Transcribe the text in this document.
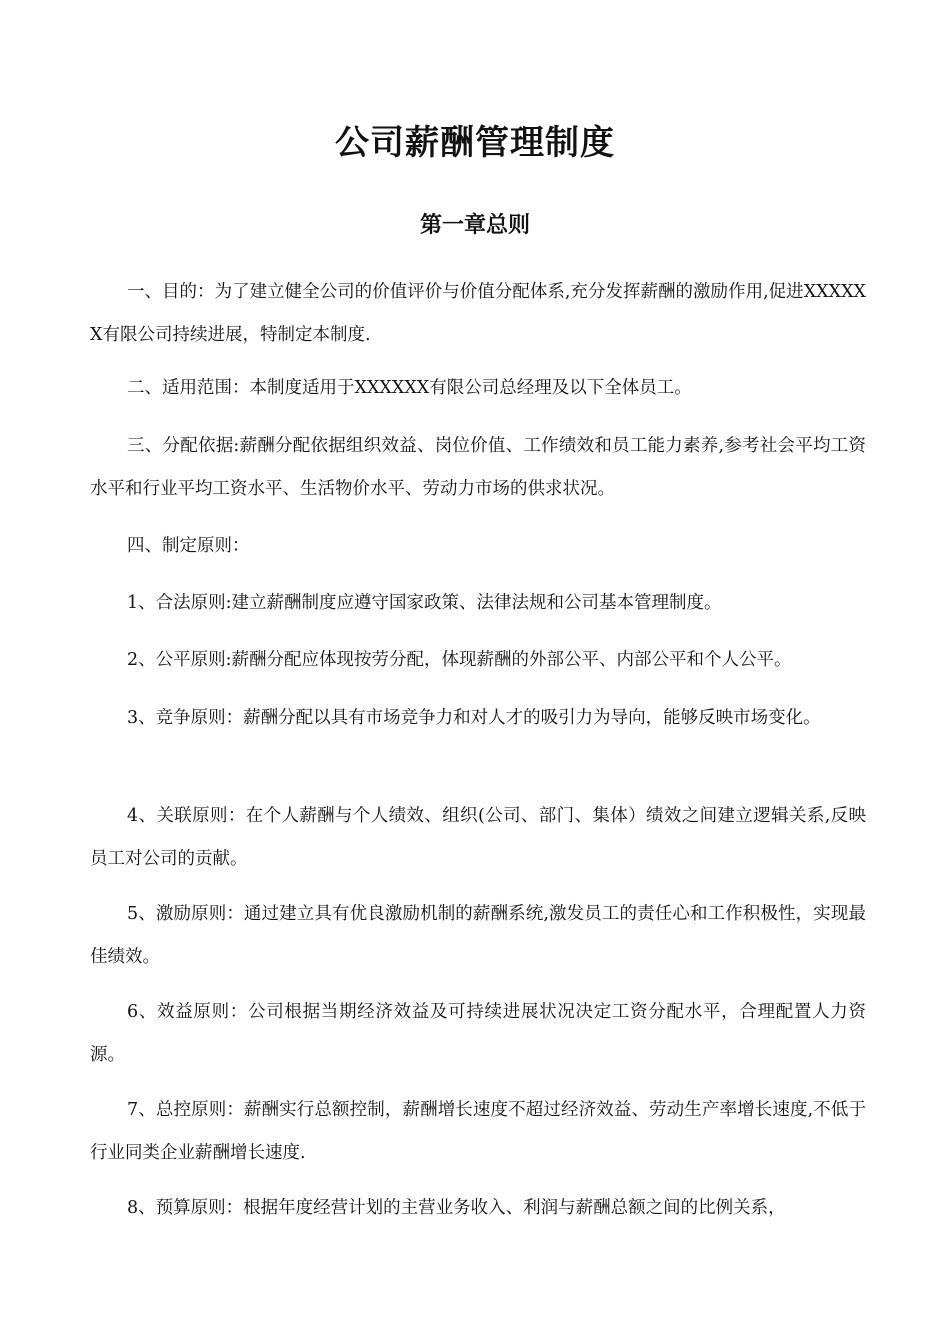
公司薪酬管理制度
第一章总则

一、目的：为了建立健全公司的价值评价与价值分配体系,充分发挥薪酬的激励作用,促进XXXXXX有限公司持续进展，特制定本制度.

二、适用范围：本制度适用于XXXXXX有限公司总经理及以下全体员工。

三、分配依据:薪酬分配依据组织效益、岗位价值、工作绩效和员工能力素养,参考社会平均工资水平和行业平均工资水平、生活物价水平、劳动力市场的供求状况。

四、制定原则：

1、合法原则:建立薪酬制度应遵守国家政策、法律法规和公司基本管理制度。

2、公平原则:薪酬分配应体现按劳分配，体现薪酬的外部公平、内部公平和个人公平。

3、竞争原则：薪酬分配以具有市场竞争力和对人才的吸引力为导向，能够反映市场变化。

4、关联原则：在个人薪酬与个人绩效、组织(公司、部门、集体）绩效之间建立逻辑关系,反映员工对公司的贡献。

5、激励原则：通过建立具有优良激励机制的薪酬系统,激发员工的责任心和工作积极性，实现最佳绩效。

6、效益原则：公司根据当期经济效益及可持续进展状况决定工资分配水平，合理配置人力资源。

7、总控原则：薪酬实行总额控制，薪酬增长速度不超过经济效益、劳动生产率增长速度,不低于行业同类企业薪酬增长速度.

8、预算原则：根据年度经营计划的主营业务收入、利润与薪酬总额之间的比例关系，
